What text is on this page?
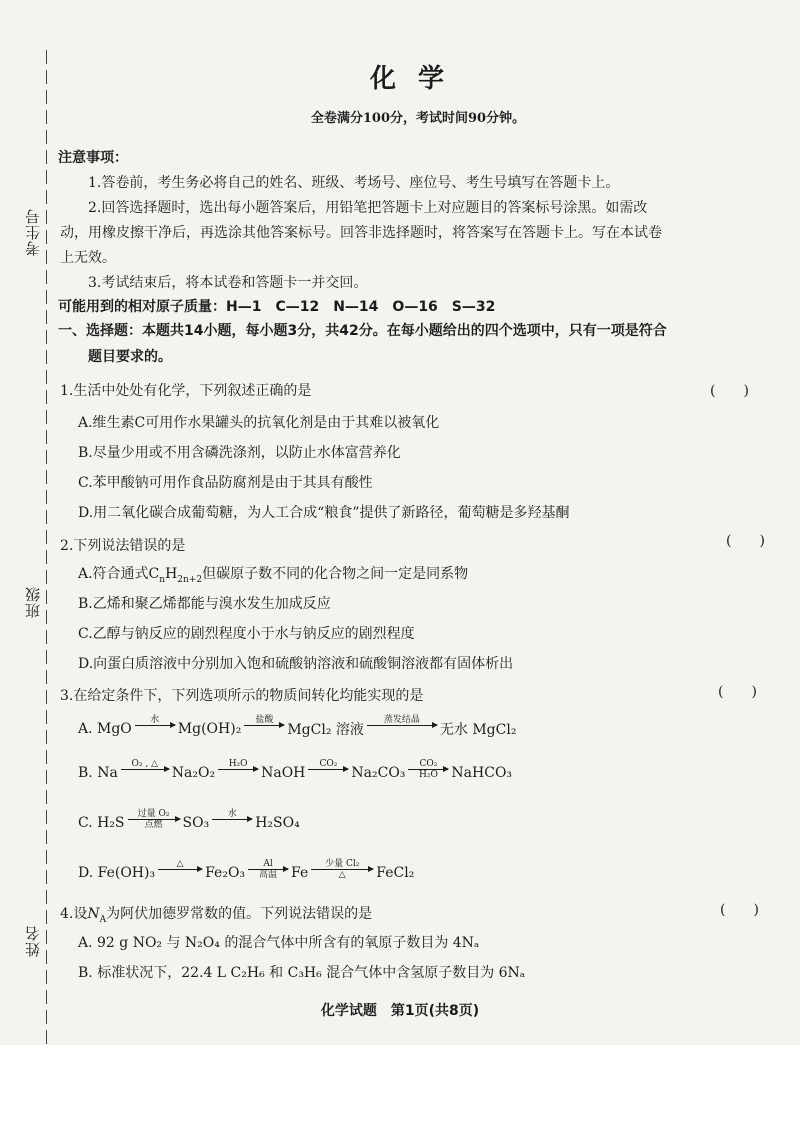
考生号
班级
姓名
化学
全卷满分100分，考试时间90分钟。
注意事项：
1.答卷前，考生务必将自己的姓名、班级、考场号、座位号、考生号填写在答题卡上。
2.回答选择题时，选出每小题答案后，用铅笔把答题卡上对应题目的答案标号涂黑。如需改
动，用橡皮擦干净后，再选涂其他答案标号。回答非选择题时，将答案写在答题卡上。写在本试卷
上无效。
3.考试结束后，将本试卷和答题卡一并交回。
可能用到的相对原子质量：H—1　C—12　N—14　O—16　S—32
一、选择题：本题共14小题，每小题3分，共42分。在每小题给出的四个选项中，只有一项是符合
题目要求的。
1.生活中处处有化学，下列叙述正确的是	(　　)
A.维生素C可用作水果罐头的抗氧化剂是由于其难以被氧化
B.尽量少用或不用含磷洗涤剂，以防止水体富营养化
C.苯甲酸钠可用作食品防腐剂是由于其具有酸性
D.用二氧化碳合成葡萄糖，为人工合成“粮食”提供了新路径，葡萄糖是多羟基酮
2.下列说法错误的是	(　　)
A.符合通式$C_nH_{2n+2}$但碳原子数不同的化合物之间一定是同系物
B.乙烯和聚乙烯都能与溴水发生加成反应
C.乙醇与钠反应的剧烈程度小于水与钠反应的剧烈程度
D.向蛋白质溶液中分别加入饱和硫酸钠溶液和硫酸铜溶液都有固体析出
3.在给定条件下，下列选项所示的物质间转化均能实现的是	(　　)
A. MgO
水
Mg(OH)₂
盐酸
MgCl₂ 溶液
蒸发结晶
无水 MgCl₂
B. Na
O₂ , △
Na₂O₂
H₂O
NaOH
CO₂
Na₂CO₃
CO₂
H₂O NaHCO₃
C. H₂S
过量 O₂
点燃 SO₃
水
H₂SO₄
D. Fe(OH)₃
△
Fe₂O₃
Al
高温 Fe
少量 Cl₂
△ FeCl₂
4.设$N_A$为阿伏加德罗常数的值。下列说法错误的是	(　　)
A. 92 g NO₂ 与 N₂O₄ 的混合气体中所含有的氧原子数目为 4Nₐ
B. 标准状况下，22.4 L C₂H₆ 和 C₃H₆ 混合气体中含氢原子数目为 6Nₐ
化学试题　第1页(共8页)
